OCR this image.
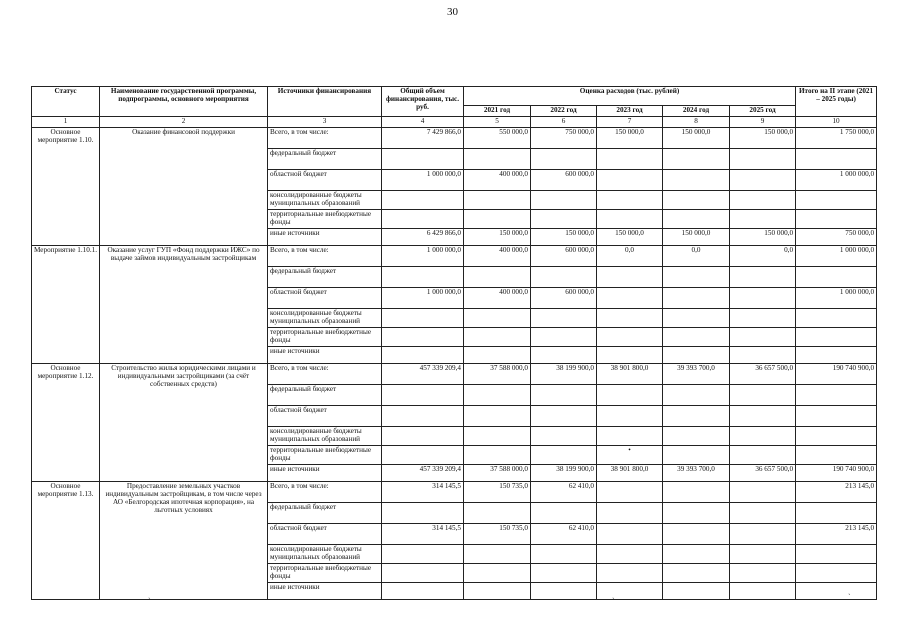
30
Статус	Наименование государственной программы, подпрограммы, основного мероприятия	Источники финансирования	Общий объем финансирования, тыс. руб.	Оценка расходов (тыс. рублей)					Итого на II этапе (2021 – 2025 годы)
				2021 год	2022 год	2023 год	2024 год	2025 год	
1	2	3	4	5	6	7	8	9	10
Основное мероприятие 1.10.	Оказание финансовой поддержки	Всего, в том числе:	7 429 866,0	550 000,0	750 000,0	150 000,0	150 000,0	150 000,0	1 750 000,0
		федеральный бюджет							
		областной бюджет	1 000 000,0	400 000,0	600 000,0				1 000 000,0
		консолидированные бюджеты муниципальных образований							
		территориальные внебюджетные фонды							
		иные источники	6 429 866,0	150 000,0	150 000,0	150 000,0	150 000,0	150 000,0	750 000,0
Мероприятие 1.10.1.	Оказание услуг ГУП «Фонд поддержки ИЖС» по выдаче займов индивидуальным застройщикам	Всего, в том числе:	1 000 000,0	400 000,0	600 000,0	0,0	0,0	0,0	1 000 000,0
		федеральный бюджет							
		областной бюджет	1 000 000,0	400 000,0	600 000,0				1 000 000,0
		консолидированные бюджеты муниципальных образований							
		территориальные внебюджетные фонды							
		иные источники							
Основное мероприятие 1.12.	Строительство жилья юридическими лицами и индивидуальными застройщиками (за счёт собственных средств)	Всего, в том числе:	457 339 209,4	37 588 000,0	38 199 900,0	38 901 800,0	39 393 700,0	36 657 500,0	190 740 900,0
		федеральный бюджет							
		областной бюджет							
		консолидированные бюджеты муниципальных образований							
		территориальные внебюджетные фонды				•			
		иные источники	457 339 209,4	37 588 000,0	38 199 900,0	38 901 800,0	39 393 700,0	36 657 500,0	190 740 900,0
Основное мероприятие 1.13.	Предоставление земельных участков индивидуальным застройщикам, в том числе через АО «Белгородская ипотечная корпорация», на льготных условиях	Всего, в том числе:	314 145,5	150 735,0	62 410,0				213 145,0
		федеральный бюджет							
		областной бюджет	314 145,5	150 735,0	62 410,0				213 145,0
		консолидированные бюджеты муниципальных образований							
		территориальные внебюджетные фонды							
		иные источники							
ˎ	ˎ	ˎ	ˎ
